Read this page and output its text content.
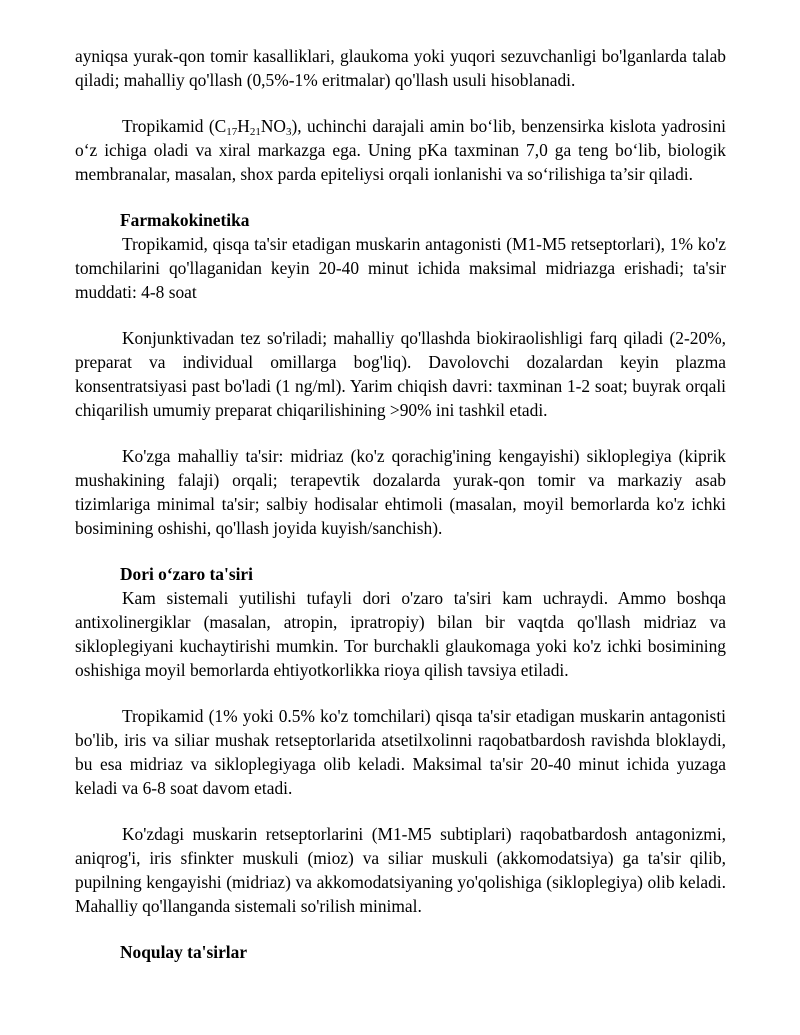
ayniqsa yurak-qon tomir kasalliklari, glaukoma yoki yuqori sezuvchanligi bo'lganlarda talab qiladi; mahalliy qo'llash (0,5%-1% eritmalar) qo'llash usuli hisoblanadi.

Tropikamid $(C_{17}H_{21}NO_3)$, uchinchi darajali amin bo‘lib, benzensirka kislota yadrosini o‘z ichiga oladi va xiral markazga ega. Uning pKa taxminan 7,0 ga teng bo‘lib, biologik membranalar, masalan, shox parda epiteliysi orqali ionlanishi va so‘rilishiga ta’sir qiladi.

Farmakokinetika

Tropikamid, qisqa ta'sir etadigan muskarin antagonisti (M1-M5 retseptorlari), 1% ko'z tomchilarini qo'llaganidan keyin 20-40 minut ichida maksimal midriazga erishadi; ta'sir muddati: 4-8 soat

Konjunktivadan tez so'riladi; mahalliy qo'llashda biokiraolishligi farq qiladi (2-20%, preparat va individual omillarga bog'liq). Davolovchi dozalardan keyin plazma konsentratsiyasi past bo'ladi (1 ng/ml). Yarim chiqish davri: taxminan 1-2 soat; buyrak orqali chiqarilish umumiy preparat chiqarilishining >90% ini tashkil etadi.

Ko'zga mahalliy ta'sir: midriaz (ko'z qorachig'ining kengayishi) sikloplegiya (kiprik mushakining falaji) orqali; terapevtik dozalarda yurak-qon tomir va markaziy asab tizimlariga minimal ta'sir; salbiy hodisalar ehtimoli (masalan, moyil bemorlarda ko'z ichki bosimining oshishi, qo'llash joyida kuyish/sanchish).

Dori o‘zaro ta'siri

Kam sistemali yutilishi tufayli dori o'zaro ta'siri kam uchraydi. Ammo boshqa antixolinergiklar (masalan, atropin, ipratropiy) bilan bir vaqtda qo'llash midriaz va sikloplegiyani kuchaytirishi mumkin. Tor burchakli glaukomaga yoki ko'z ichki bosimining oshishiga moyil bemorlarda ehtiyotkorlikka rioya qilish tavsiya etiladi.

Tropikamid (1% yoki 0.5% ko'z tomchilari) qisqa ta'sir etadigan muskarin antagonisti bo'lib, iris va siliar mushak retseptorlarida atsetilxolinni raqobatbardosh ravishda bloklaydi, bu esa midriaz va sikloplegiyaga olib keladi. Maksimal ta'sir 20-40 minut ichida yuzaga keladi va 6-8 soat davom etadi.

Ko'zdagi muskarin retseptorlarini (M1-M5 subtiplari) raqobatbardosh antagonizmi, aniqrog'i, iris sfinkter muskuli (mioz) va siliar muskuli (akkomodatsiya) ga ta'sir qilib, pupilning kengayishi (midriaz) va akkomodatsiyaning yo'qolishiga (sikloplegiya) olib keladi. Mahalliy qo'llanganda sistemali so'rilish minimal.

Noqulay ta'sirlar
